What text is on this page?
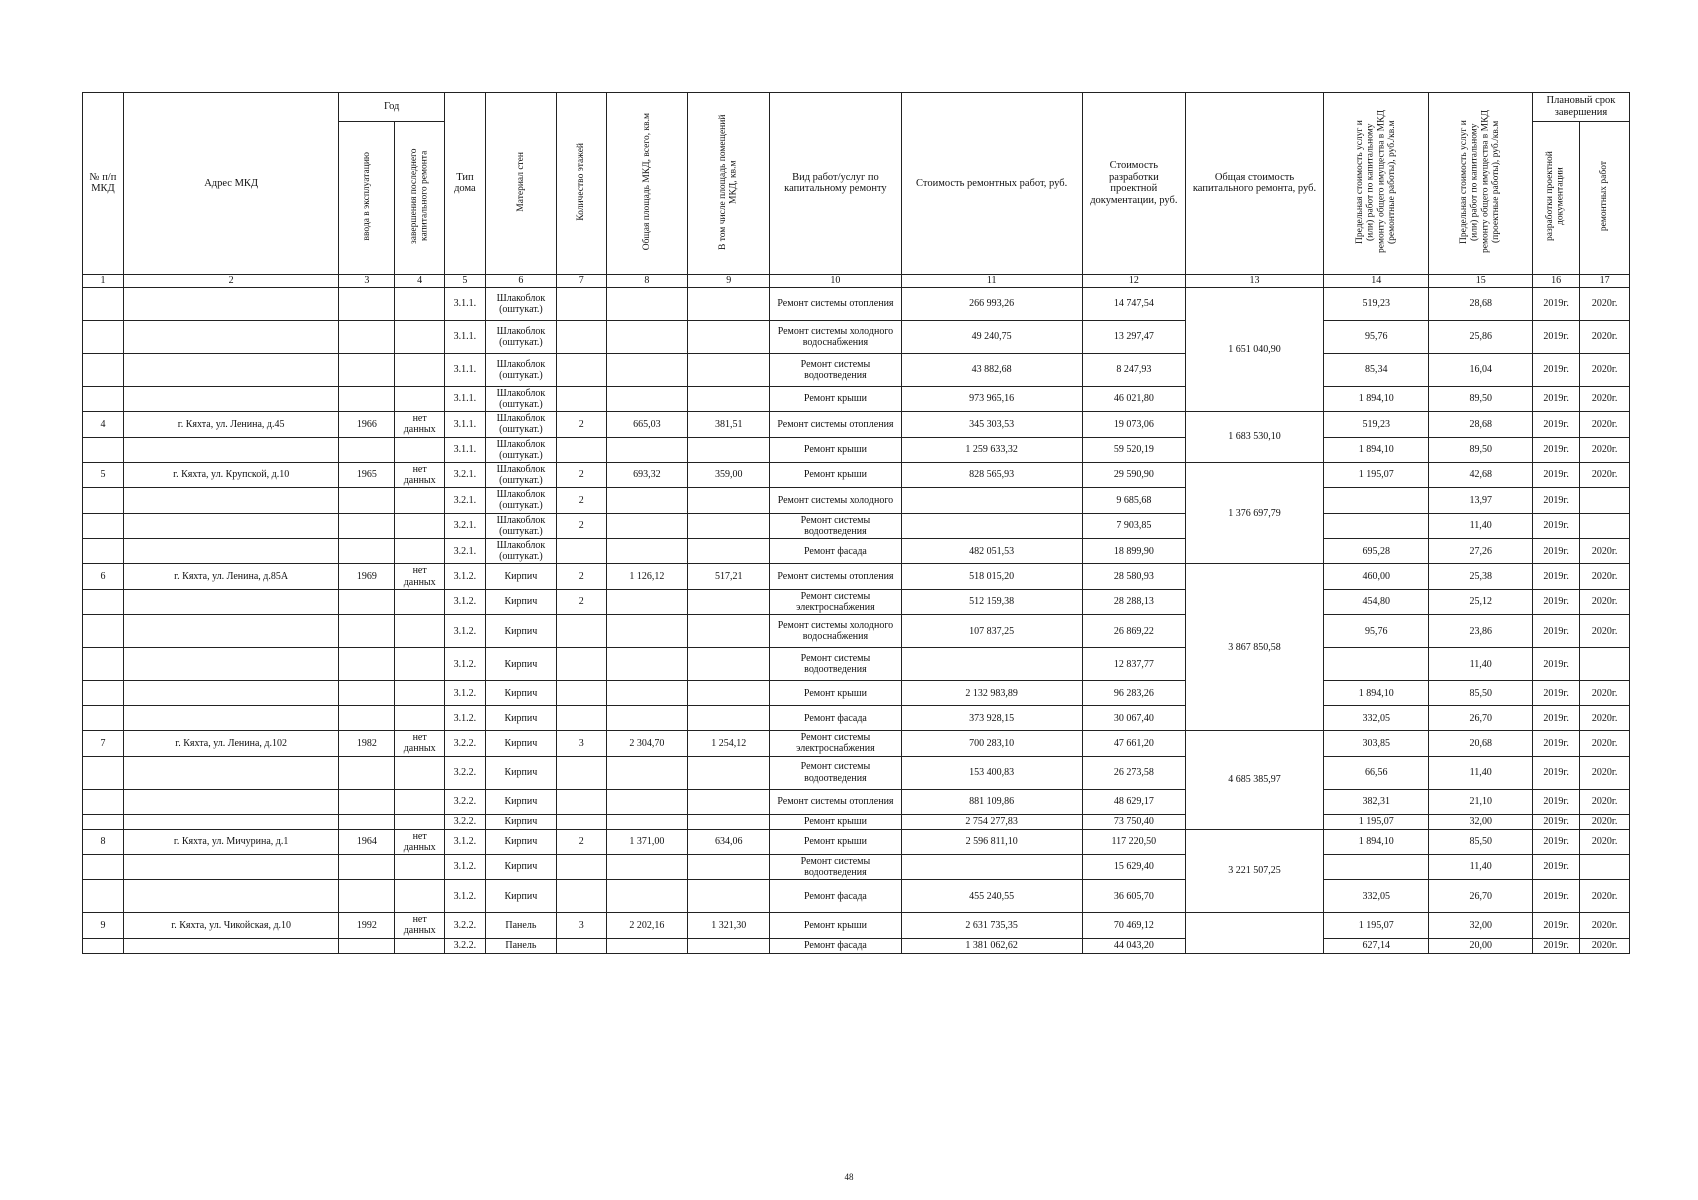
№ п/п МКД	Адрес МКД	Год		Тип дома	Материал стен	Количество этажей	Общая площадь МКД, всего, кв.м	В том числе площадь помещений МКД, кв.м	Вид работ/услуг по капитальному ремонту	Стоимость ремонтных работ, руб.	Стоимость разработки проектной документации, руб.	Общая стоимость капитального ремонта, руб.	Предельная стоимость услуг и (или) работ по капитальному ремонту общего имущества в МКД (ремонтные работы), руб./кв.м	Предельная стоимость услуг и (или) работ по капитальному ремонту общего имущества в МКД (проектные работы), руб./кв.м	Плановый срок завершения	
		ввода в эксплуатацию	завершения последнего капитального ремонта												разработки проектной документации	ремонтных работ
1	2	3	4	5	6	7	8	9	10	11	12	13	14	15	16	17
				3.1.1.	Шлакоблок (оштукат.)				Ремонт системы отопления	266 993,26	14 747,54	1 651 040,90	519,23	28,68	2019г.	2020г.
				3.1.1.	Шлакоблок (оштукат.)				Ремонт системы холодного водоснабжения	49 240,75	13 297,47		95,76	25,86	2019г.	2020г.
				3.1.1.	Шлакоблок (оштукат.)				Ремонт системы водоотведения	43 882,68	8 247,93		85,34	16,04	2019г.	2020г.
				3.1.1.	Шлакоблок (оштукат.)				Ремонт крыши	973 965,16	46 021,80		1 894,10	89,50	2019г.	2020г.
4	г. Кяхта, ул. Ленина, д.45	1966	нет данных	3.1.1.	Шлакоблок (оштукат.)	2	665,03	381,51	Ремонт системы отопления	345 303,53	19 073,06	1 683 530,10	519,23	28,68	2019г.	2020г.
				3.1.1.	Шлакоблок (оштукат.)				Ремонт крыши	1 259 633,32	59 520,19		1 894,10	89,50	2019г.	2020г.
5	г. Кяхта, ул. Крупской, д.10	1965	нет данных	3.2.1.	Шлакоблок (оштукат.)	2	693,32	359,00	Ремонт крыши	828 565,93	29 590,90	1 376 697,79	1 195,07	42,68	2019г.	2020г.
				3.2.1.	Шлакоблок (оштукат.)	2			Ремонт системы холодного		9 685,68			13,97	2019г.	
				3.2.1.	Шлакоблок (оштукат.)	2			Ремонт системы водоотведения		7 903,85			11,40	2019г.	
				3.2.1.	Шлакоблок (оштукат.)				Ремонт фасада	482 051,53	18 899,90		695,28	27,26	2019г.	2020г.
6	г. Кяхта, ул. Ленина, д.85А	1969	нет данных	3.1.2.	Кирпич	2	1 126,12	517,21	Ремонт системы отопления	518 015,20	28 580,93	3 867 850,58	460,00	25,38	2019г.	2020г.
				3.1.2.	Кирпич	2			Ремонт системы электроснабжения	512 159,38	28 288,13		454,80	25,12	2019г.	2020г.
				3.1.2.	Кирпич				Ремонт системы холодного водоснабжения	107 837,25	26 869,22		95,76	23,86	2019г.	2020г.
				3.1.2.	Кирпич				Ремонт системы водоотведения		12 837,77			11,40	2019г.	
				3.1.2.	Кирпич				Ремонт крыши	2 132 983,89	96 283,26		1 894,10	85,50	2019г.	2020г.
				3.1.2.	Кирпич				Ремонт фасада	373 928,15	30 067,40		332,05	26,70	2019г.	2020г.
7	г. Кяхта, ул. Ленина, д.102	1982	нет данных	3.2.2.	Кирпич	3	2 304,70	1 254,12	Ремонт системы электроснабжения	700 283,10	47 661,20	4 685 385,97	303,85	20,68	2019г.	2020г.
				3.2.2.	Кирпич				Ремонт системы водоотведения	153 400,83	26 273,58		66,56	11,40	2019г.	2020г.
				3.2.2.	Кирпич				Ремонт системы отопления	881 109,86	48 629,17		382,31	21,10	2019г.	2020г.
				3.2.2.	Кирпич				Ремонт крыши	2 754 277,83	73 750,40		1 195,07	32,00	2019г.	2020г.
8	г. Кяхта, ул. Мичурина, д.1	1964	нет данных	3.1.2.	Кирпич	2	1 371,00	634,06	Ремонт крыши	2 596 811,10	117 220,50	3 221 507,25	1 894,10	85,50	2019г.	2020г.
				3.1.2.	Кирпич				Ремонт системы водоотведения		15 629,40			11,40	2019г.	
				3.1.2.	Кирпич				Ремонт фасада	455 240,55	36 605,70		332,05	26,70	2019г.	2020г.
9	г. Кяхта, ул. Чикойская, д.10	1992	нет данных	3.2.2.	Панель	3	2 202,16	1 321,30	Ремонт крыши	2 631 735,35	70 469,12		1 195,07	32,00	2019г.	2020г.
				3.2.2.	Панель				Ремонт фасада	1 381 062,62	44 043,20		627,14	20,00	2019г.	2020г.
48
